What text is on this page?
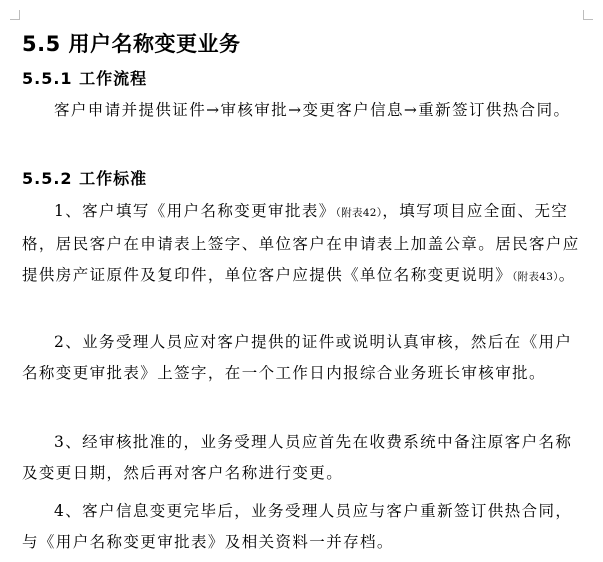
5.5 用户名称变更业务
5.5.1 工作流程

客户申请并提供证件→审核审批→变更客户信息→重新签订供热合同。

5.5.2 工作标准

1、客户填写《用户名称变更审批表》（附表42），填写项目应全面、无空格，居民客户在申请表上签字、单位客户在申请表上加盖公章。居民客户应提供房产证原件及复印件，单位客户应提供《单位名称变更说明》（附表43）。

2、业务受理人员应对客户提供的证件或说明认真审核，然后在《用户名称变更审批表》上签字，在一个工作日内报综合业务班长审核审批。

3、经审核批准的，业务受理人员应首先在收费系统中备注原客户名称及变更日期，然后再对客户名称进行变更。

4、客户信息变更完毕后，业务受理人员应与客户重新签订供热合同，与《用户名称变更审批表》及相关资料一并存档。
